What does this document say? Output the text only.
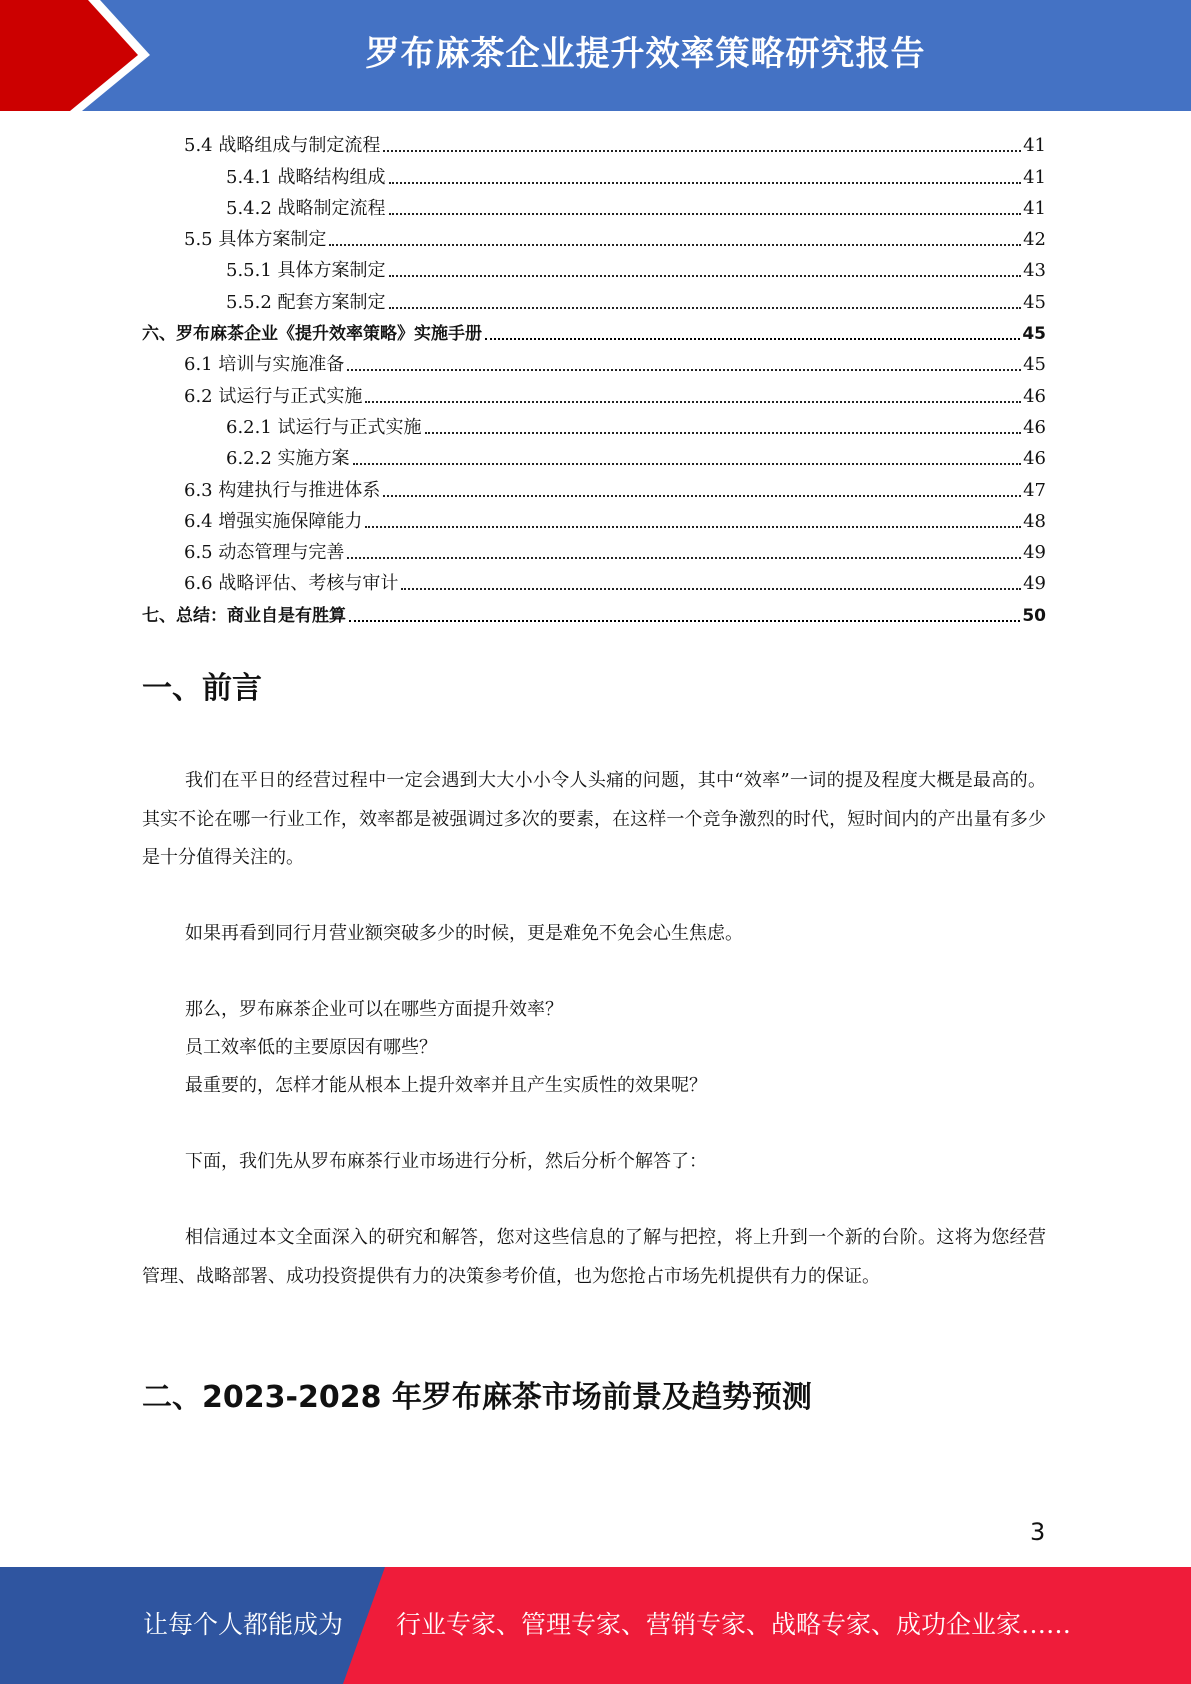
罗布麻茶企业提升效率策略研究报告
5.4 战略组成与制定流程	41
5.4.1 战略结构组成	41
5.4.2 战略制定流程	41
5.5 具体方案制定	42
5.5.1 具体方案制定	43
5.5.2 配套方案制定	45
六、罗布麻茶企业《提升效率策略》实施手册	45
6.1 培训与实施准备	45
6.2 试运行与正式实施	46
6.2.1 试运行与正式实施	46
6.2.2 实施方案	46
6.3 构建执行与推进体系	47
6.4 增强实施保障能力	48
6.5 动态管理与完善	49
6.6 战略评估、考核与审计	49
七、总结：商业自是有胜算	50
一、前言

我们在平日的经营过程中一定会遇到大大小小令人头痛的问题，其中“效率”一词的提及程度大概是最高的。其实不论在哪一行业工作，效率都是被强调过多次的要素，在这样一个竞争激烈的时代，短时间内的产出量有多少是十分值得关注的。

如果再看到同行月营业额突破多少的时候，更是难免不免会心生焦虑。
那么，罗布麻茶企业可以在哪些方面提升效率？
员工效率低的主要原因有哪些？
最重要的，怎样才能从根本上提升效率并且产生实质性的效果呢？
下面，我们先从罗布麻茶行业市场进行分析，然后分析个解答了：

相信通过本文全面深入的研究和解答，您对这些信息的了解与把控，将上升到一个新的台阶。这将为您经营管理、战略部署、成功投资提供有力的决策参考价值，也为您抢占市场先机提供有力的保证。

二、2023-2028 年罗布麻茶市场前景及趋势预测
3
让每个人都能成为 行业专家、管理专家、营销专家、战略专家、成功企业家……
